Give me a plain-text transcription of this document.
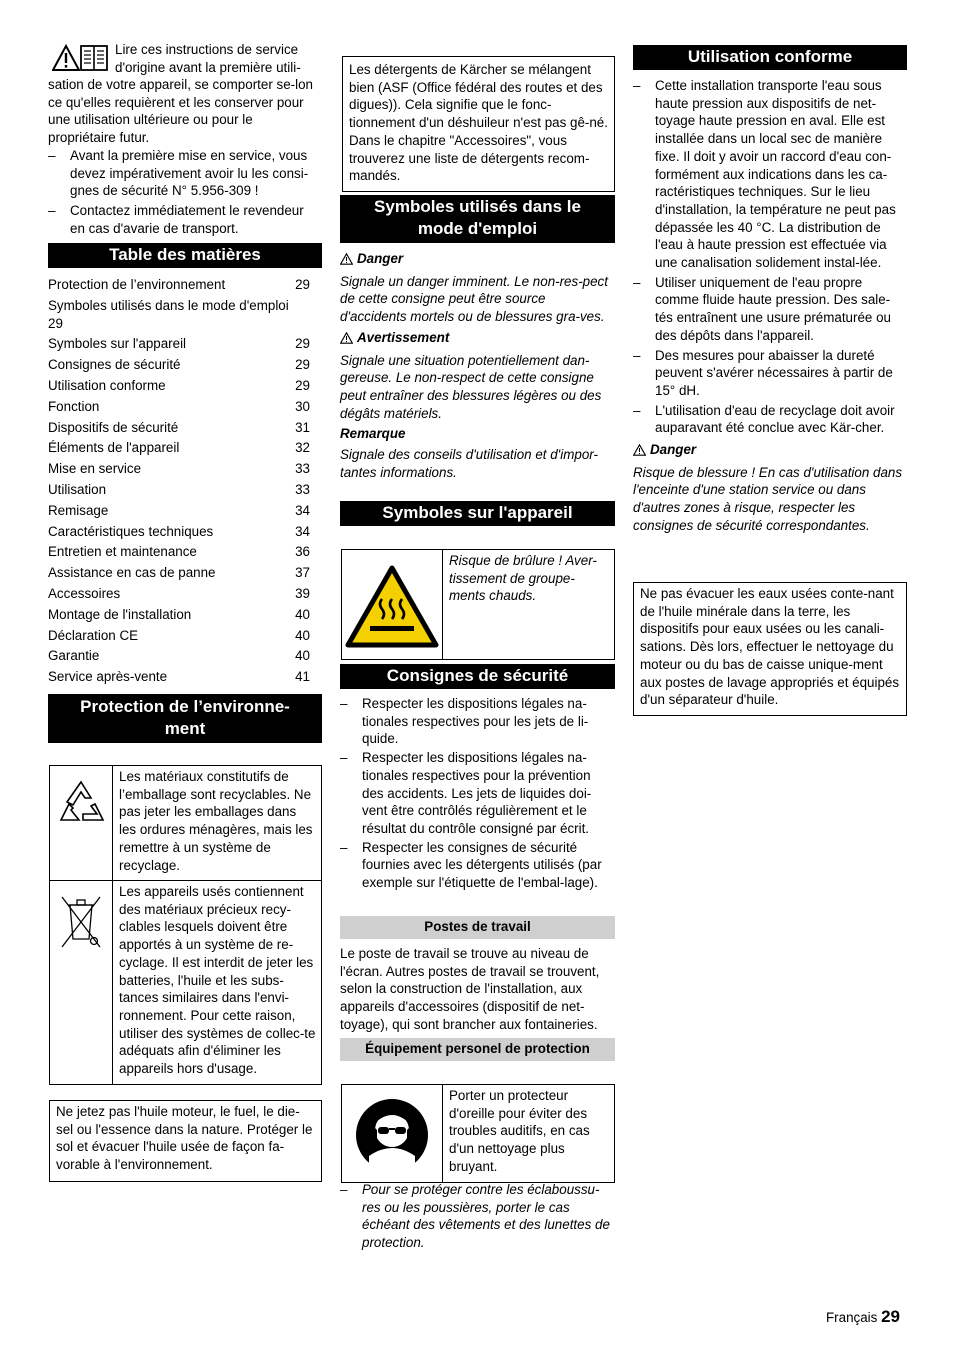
Lire ces instructions de service
d'origine avant la première utili-
sation de votre appareil, se comporter se-lon ce qu'elles requièrent et les conserver pour une utilisation ultérieure ou pour le propriétaire futur.
– Avant la première mise en service, vous devez impérativement avoir lu les consi-gnes de sécurité N° 5.956-309 !
– Contactez immédiatement le revendeur en cas d'avarie de transport.
Table des matières
Protection de l’environnement	29
Symboles utilisés dans le mode d'emploi
29
Symboles sur l'appareil	29
Consignes de sécurité	29
Utilisation conforme	29
Fonction	30
Dispositifs de sécurité	31
Éléments de l'appareil	32
Mise en service	33
Utilisation	33
Remisage	34
Caractéristiques techniques	34
Entretien et maintenance	36
Assistance en cas de panne	37
Accessoires	39
Montage de l'installation	40
Déclaration CE	40
Garantie	40
Service après-vente	41
Protection de l’environne-ment
Les matériaux constitutifs de l’emballage sont recyclables. Ne pas jeter les emballages dans les ordures ménagères, mais les remettre à un système de recyclage.
Les appareils usés contiennent des matériaux précieux recy-clables lesquels doivent être apportés à un système de re-cyclage. Il est interdit de jeter les batteries, l'huile et les subs-tances similaires dans l'envi-ronnement. Pour cette raison, utiliser des systèmes de collec-te adéquats afin d'éliminer les appareils hors d'usage.
Ne jetez pas l'huile moteur, le fuel, le die-sel ou l'essence dans la nature. Protéger le sol et évacuer l'huile usée de façon fa-vorable à l'environnement.
Les détergents de Kärcher se mélangent bien (ASF (Office fédéral des routes et des digues)). Cela signifie que le fonc-tionnement d'un déshuileur n'est pas gê-né. Dans le chapitre "Accessoires", vous trouverez une liste de détergents recom-mandés.
Symboles utilisés dans le mode d'emploi
Danger
Signale un danger imminent. Le non-res-pect de cette consigne peut être source d'accidents mortels ou de blessures gra-ves.
Avertissement
Signale une situation potentiellement dan-gereuse. Le non-respect de cette consigne peut entraîner des blessures légères ou des dégâts matériels.
Remarque
Signale des conseils d'utilisation et d'impor-tantes informations.
Symboles sur l'appareil
Risque de brûlure ! Aver-tissement de groupe-ments chauds.
Consignes de sécurité
– Respecter les dispositions légales na-tionales respectives pour les jets de li-quide.
– Respecter les dispositions légales na-tionales respectives pour la prévention des accidents. Les jets de liquides doi-vent être contrôlés régulièrement et le résultat du contrôle consigné par écrit.
– Respecter les consignes de sécurité fournies avec les détergents utilisés (par exemple sur l'étiquette de l'embal-lage).
Postes de travail
Le poste de travail se trouve au niveau de l'écran. Autres postes de travail se trouvent, selon la construction de l'installation, aux appareils d'accessoires (dispositif de net-toyage), qui sont brancher aux fontaineries.
Équipement personel de protection
Porter un protecteur d'oreille pour éviter des troubles auditifs, en cas d'un nettoyage plus bruyant.
– Pour se protéger contre les éclaboussu-res ou les poussières, porter le cas échéant des vêtements et des lunettes de protection.
Utilisation conforme
– Cette installation transporte l'eau sous haute pression aux dispositifs de net-toyage haute pression en aval. Elle est installée dans un local sec de manière fixe. Il doit y avoir un raccord d'eau con-formément aux indications dans les ca-ractéristiques techniques. Sur le lieu d'installation, la température ne peut pas dépassée les 40 °C. La distribution de l'eau à haute pression est effectuée via une canalisation solidement instal-lée.
– Utiliser uniquement de l'eau propre comme fluide haute pression. Des sale-tés entraînent une usure prématurée ou des dépôts dans l'appareil.
– Des mesures pour abaisser la dureté peuvent s'avérer nécessaires à partir de 15° dH.
– L'utilisation d'eau de recyclage doit avoir auparavant été conclue avec Kär-cher.
Danger
Risque de blessure ! En cas d'utilisation dans l'enceinte d'une station service ou dans d'autres zones à risque, respecter les consignes de sécurité correspondantes.
Ne pas évacuer les eaux usées conte-nant de l'huile minérale dans la terre, les dispositifs pour eaux usées ou les canali-sations. Dès lors, effectuer le nettoyage du moteur ou du bas de caisse unique-ment aux postes de lavage appropriés et équipés d'un séparateur d'huile.
Français 29
